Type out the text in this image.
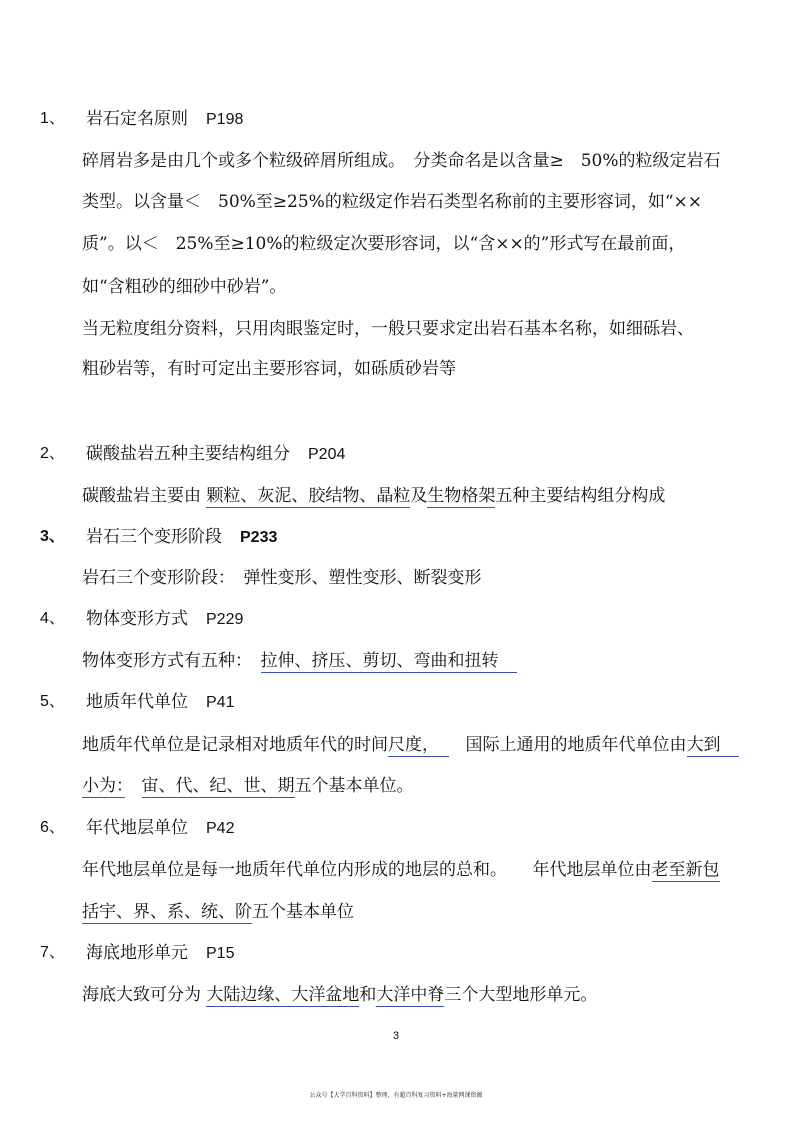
1、 岩石定名原则 P198
碎屑岩多是由几个或多个粒级碎屑所组成。　分类命名是以含量≥　50%的粒级定岩石
类型。以含量＜　50%至≥25%的粒级定作岩石类型名称前的主要形容词，如“××
质”。以＜　25%至≥10%的粒级定次要形容词，以“含××的”形式写在最前面，
如“含粗砂的细砂中砂岩”。
当无粒度组分资料，只用肉眼鉴定时，一般只要求定出岩石基本名称，如细砾岩、
粗砂岩等，有时可定出主要形容词，如砾质砂岩等
2、 碳酸盐岩五种主要结构组分 P204
碳酸盐岩主要由 颗粒、灰泥、胶结物、晶粒及生物格架五种主要结构组分构成
3、 岩石三个变形阶段 P233
岩石三个变形阶段：　 弹性变形、塑性变形、断裂变形
4、 物体变形方式 P229
物体变形方式有五种：　 拉伸、挤压、剪切、弯曲和扭转
5、 地质年代单位 P41
地质年代单位是记录相对地质年代的时间尺度，　 国际上通用的地质年代单位由大到
小为：　 宙、代、纪、世、期五个基本单位。
6、 年代地层单位 P42
年代地层单位是每一地质年代单位内形成的地层的总和。　　 年代地层单位由老至新包
括宇、界、系、统、阶五个基本单位
7、 海底地形单元 P15
海底大致可分为 大陆边缘、大洋盆地和大洋中脊三个大型地形单元。
3
公众号【大学百科资料】整理，有超百科复习资料+海量网课资源
